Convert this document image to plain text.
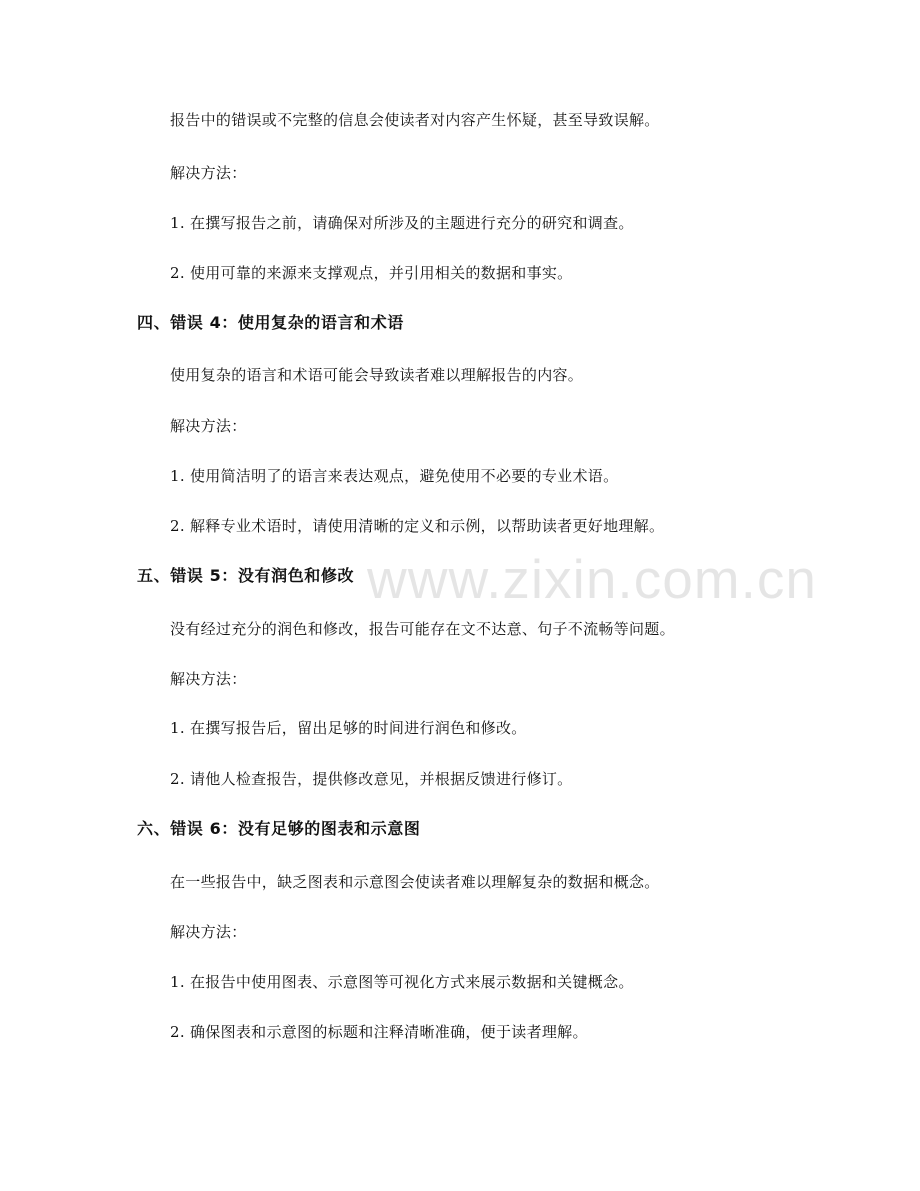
报告中的错误或不完整的信息会使读者对内容产生怀疑，甚至导致误解。
解决方法：
1. 在撰写报告之前，请确保对所涉及的主题进行充分的研究和调查。
2. 使用可靠的来源来支撑观点，并引用相关的数据和事实。
四、错误 4：使用复杂的语言和术语
使用复杂的语言和术语可能会导致读者难以理解报告的内容。
解决方法：
1. 使用简洁明了的语言来表达观点，避免使用不必要的专业术语。
2. 解释专业术语时，请使用清晰的定义和示例，以帮助读者更好地理解。
五、错误 5：没有润色和修改
没有经过充分的润色和修改，报告可能存在文不达意、句子不流畅等问题。
解决方法：
1. 在撰写报告后，留出足够的时间进行润色和修改。
2. 请他人检查报告，提供修改意见，并根据反馈进行修订。
六、错误 6：没有足够的图表和示意图
在一些报告中，缺乏图表和示意图会使读者难以理解复杂的数据和概念。
解决方法：
1. 在报告中使用图表、示意图等可视化方式来展示数据和关键概念。
2. 确保图表和示意图的标题和注释清晰准确，便于读者理解。
www.zixin.com.cn
